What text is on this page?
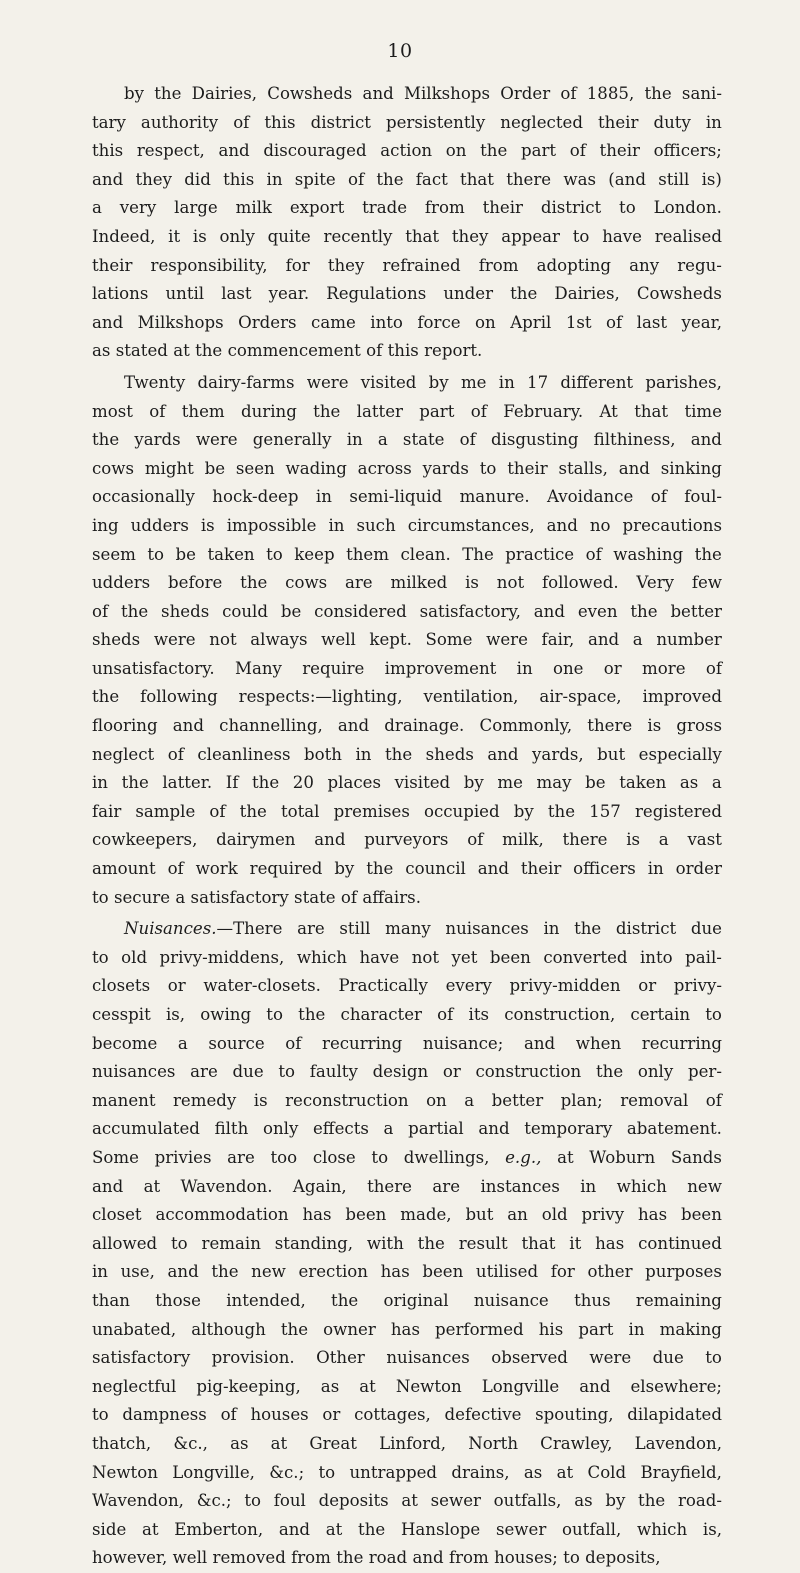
10
by the Dairies, Cowsheds and Milkshops Order of 1885, the sani-
tary authority of this district persistently neglected their duty in
this respect, and discouraged action on the part of their officers;
and they did this in spite of the fact that there was (and still is)
a very large milk export trade from their district to London.
Indeed, it is only quite recently that they appear to have realised
their responsibility, for they refrained from adopting any regu-
lations until last year. Regulations under the Dairies, Cowsheds
and Milkshops Orders came into force on April 1st of last year,
as stated at the commencement of this report.
Twenty dairy-farms were visited by me in 17 different parishes,
most of them during the latter part of February. At that time
the yards were generally in a state of disgusting filthiness, and
cows might be seen wading across yards to their stalls, and sinking
occasionally hock-deep in semi-liquid manure. Avoidance of foul-
ing udders is impossible in such circumstances, and no precautions
seem to be taken to keep them clean. The practice of washing the
udders before the cows are milked is not followed. Very few
of the sheds could be considered satisfactory, and even the better
sheds were not always well kept. Some were fair, and a number
unsatisfactory. Many require improvement in one or more of
the following respects:—lighting, ventilation, air-space, improved
flooring and channelling, and drainage. Commonly, there is gross
neglect of cleanliness both in the sheds and yards, but especially
in the latter. If the 20 places visited by me may be taken as a
fair sample of the total premises occupied by the 157 registered
cowkeepers, dairymen and purveyors of milk, there is a vast
amount of work required by the council and their officers in order
to secure a satisfactory state of affairs.
Nuisances. —There are still many nuisances in the district due
to old privy-middens, which have not yet been converted into pail-
closets or water-closets. Practically every privy-midden or privy-
cesspit is, owing to the character of its construction, certain to
become a source of recurring nuisance; and when recurring
nuisances are due to faulty design or construction the only per-
manent remedy is reconstruction on a better plan; removal of
accumulated filth only effects a partial and temporary abatement.
Some privies are too close to dwellings, e.g., at Woburn Sands
and at Wavendon. Again, there are instances in which new
closet accommodation has been made, but an old privy has been
allowed to remain standing, with the result that it has continued
in use, and the new erection has been utilised for other purposes
than those intended, the original nuisance thus remaining
unabated, although the owner has performed his part in making
satisfactory provision. Other nuisances observed were due to
neglectful pig-keeping, as at Newton Longville and elsewhere;
to dampness of houses or cottages, defective spouting, dilapidated
thatch, &c., as at Great Linford, North Crawley, Lavendon,
Newton Longville, &c.; to untrapped drains, as at Cold Brayfield,
Wavendon, &c.; to foul deposits at sewer outfalls, as by the road-
side at Emberton, and at the Hanslope sewer outfall, which is,
however, well removed from the road and from houses; to deposits,
